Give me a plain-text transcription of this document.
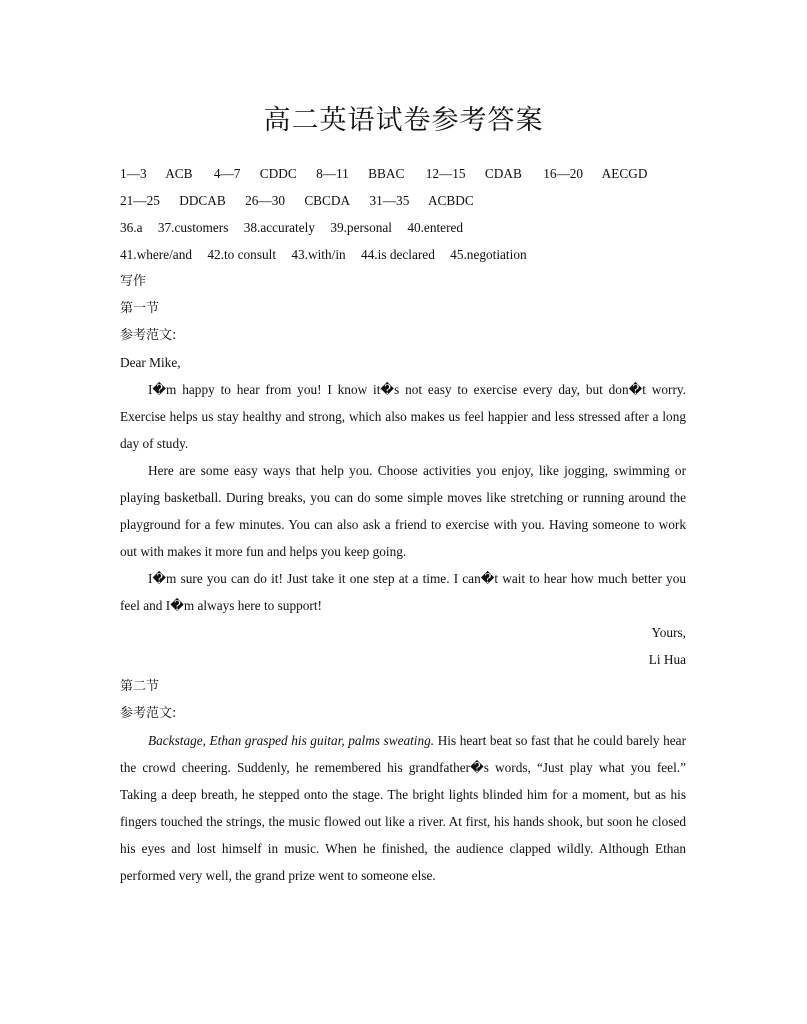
高二英语试卷参考答案
1—3 ACB 4—7 CDDC 8—11 BBAC 12—15 CDAB 16—20 AECGD
21—25 DDCAB 26—30 CBCDA 31—35 ACBDC
36.a 37.customers 38.accurately 39.personal 40.entered
41.where/and 42.to consult 43.with/in 44.is declared 45.negotiation
写作
第一节
参考范文:
Dear Mike,

I�m happy to hear from you! I know it�s not easy to exercise every day, but don�t worry. Exercise helps us stay healthy and strong, which also makes us feel happier and less stressed after a long day of study.

Here are some easy ways that help you. Choose activities you enjoy, like jogging, swimming or playing basketball. During breaks, you can do some simple moves like stretching or running around the playground for a few minutes. You can also ask a friend to exercise with you. Having someone to work out with makes it more fun and helps you keep going.

I�m sure you can do it! Just take it one step at a time. I can�t wait to hear how much better you feel and I�m always here to support!

Yours,
Li Hua
第二节
参考范文:

Backstage, Ethan grasped his guitar, palms sweating. His heart beat so fast that he could barely hear the crowd cheering. Suddenly, he remembered his grandfather�s words, “Just play what you feel.” Taking a deep breath, he stepped onto the stage. The bright lights blinded him for a moment, but as his fingers touched the strings, the music flowed out like a river. At first, his hands shook, but soon he closed his eyes and lost himself in music. When he finished, the audience clapped wildly. Although Ethan performed very well, the grand prize went to someone else.
